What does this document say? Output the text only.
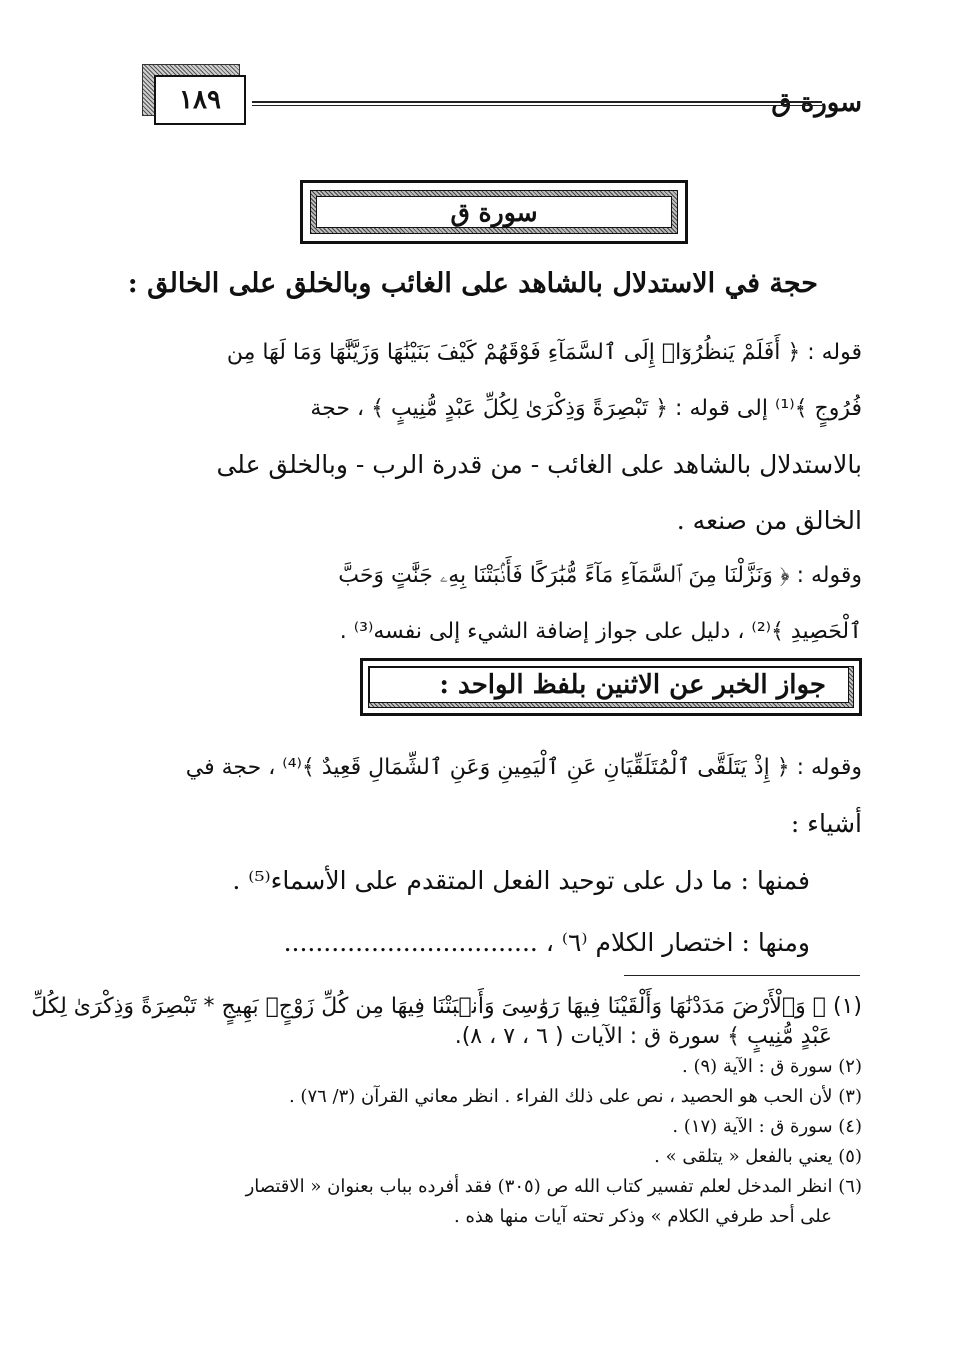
سورة ق
١٨٩
سورة ق
حجة في الاستدلال بالشاهد على الغائب وبالخلق على الخالق :
قوله : ﴿ أَفَلَمْ يَنظُرُوٓا۟ إِلَى ٱلسَّمَآءِ فَوْقَهُمْ كَيْفَ بَنَيْنَٰهَا وَزَيَّنَّٰهَا وَمَا لَهَا مِن
فُرُوجٍ ﴾⁽¹⁾ إلى قوله : ﴿ تَبْصِرَةً وَذِكْرَىٰ لِكُلِّ عَبْدٍ مُّنِيبٍ ﴾ ، حجة
بالاستدلال بالشاهد على الغائب - من قدرة الرب - وبالخلق على
الخالق من صنعه .
وقوله : ﴿ وَنَزَّلْنَا مِنَ ٱلسَّمَآءِ مَآءً مُّبَٰرَكًا فَأَنۢبَتْنَا بِهِۦ جَنَّٰتٍ وَحَبَّ
ٱلْحَصِيدِ ﴾⁽²⁾ ، دليل على جواز إضافة الشيء إلى نفسه⁽³⁾ .
جواز الخبر عن الاثنين بلفظ الواحد :
وقوله : ﴿ إِذْ يَتَلَقَّى ٱلْمُتَلَقِّيَانِ عَنِ ٱلْيَمِينِ وَعَنِ ٱلشِّمَالِ قَعِيدٌ ﴾⁽⁴⁾ ، حجة في
أشياء :
فمنها : ما دل على توحيد الفعل المتقدم على الأسماء⁽⁵⁾ .
ومنها : اختصار الكلام ⁽٦⁾ ، ................................
(١) ﴿ وَٱلْأَرْضَ مَدَدْنَٰهَا وَأَلْقَيْنَا فِيهَا رَوَٰسِىَ وَأَنۢبَتْنَا فِيهَا مِن كُلِّ زَوْجٍۭ بَهِيجٍ * تَبْصِرَةً وَذِكْرَىٰ لِكُلِّ
عَبْدٍ مُّنِيبٍ ﴾ سورة ق : الآيات ( ٦ ، ٧ ، ٨).
(٢) سورة ق : الآية (٩) .
(٣) لأن الحب هو الحصيد ، نص على ذلك الفراء . انظر معاني القرآن (٣/ ٧٦) .
(٤) سورة ق : الآية (١٧) .
(٥) يعني بالفعل « يتلقى » .
(٦) انظر المدخل لعلم تفسير كتاب الله ص (٣٠٥) فقد أفرده بباب بعنوان « الاقتصار
على أحد طرفي الكلام » وذكر تحته آيات منها هذه .
